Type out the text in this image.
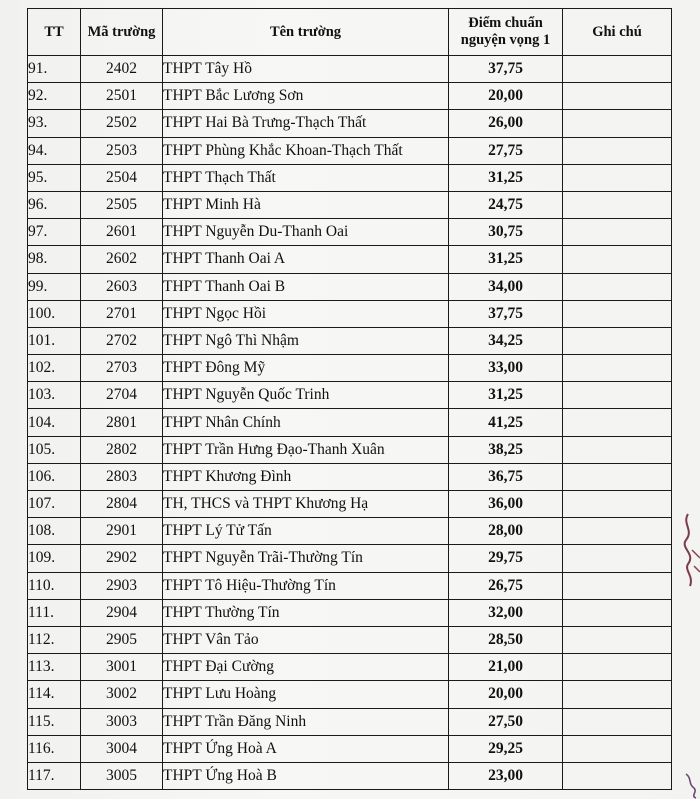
TT	Mã trường	Tên trường	Điểm chuẩn nguyện vọng 1	Ghi chú
91.	2402	THPT Tây Hồ	37,75	
92.	2501	THPT Bắc Lương Sơn	20,00	
93.	2502	THPT Hai Bà Trưng-Thạch Thất	26,00	
94.	2503	THPT Phùng Khắc Khoan-Thạch Thất	27,75	
95.	2504	THPT Thạch Thất	31,25	
96.	2505	THPT Minh Hà	24,75	
97.	2601	THPT Nguyễn Du-Thanh Oai	30,75	
98.	2602	THPT Thanh Oai A	31,25	
99.	2603	THPT Thanh Oai B	34,00	
100.	2701	THPT Ngọc Hồi	37,75	
101.	2702	THPT Ngô Thì Nhậm	34,25	
102.	2703	THPT Đông Mỹ	33,00	
103.	2704	THPT Nguyễn Quốc Trinh	31,25	
104.	2801	THPT Nhân Chính	41,25	
105.	2802	THPT Trần Hưng Đạo-Thanh Xuân	38,25	
106.	2803	THPT Khương Đình	36,75	
107.	2804	TH, THCS và THPT Khương Hạ	36,00	
108.	2901	THPT Lý Tử Tấn	28,00	
109.	2902	THPT Nguyễn Trãi-Thường Tín	29,75	
110.	2903	THPT Tô Hiệu-Thường Tín	26,75	
111.	2904	THPT Thường Tín	32,00	
112.	2905	THPT Vân Tảo	28,50	
113.	3001	THPT Đại Cường	21,00	
114.	3002	THPT Lưu Hoàng	20,00	
115.	3003	THPT Trần Đăng Ninh	27,50	
116.	3004	THPT Ứng Hoà A	29,25	
117.	3005	THPT Ứng Hoà B	23,00	
